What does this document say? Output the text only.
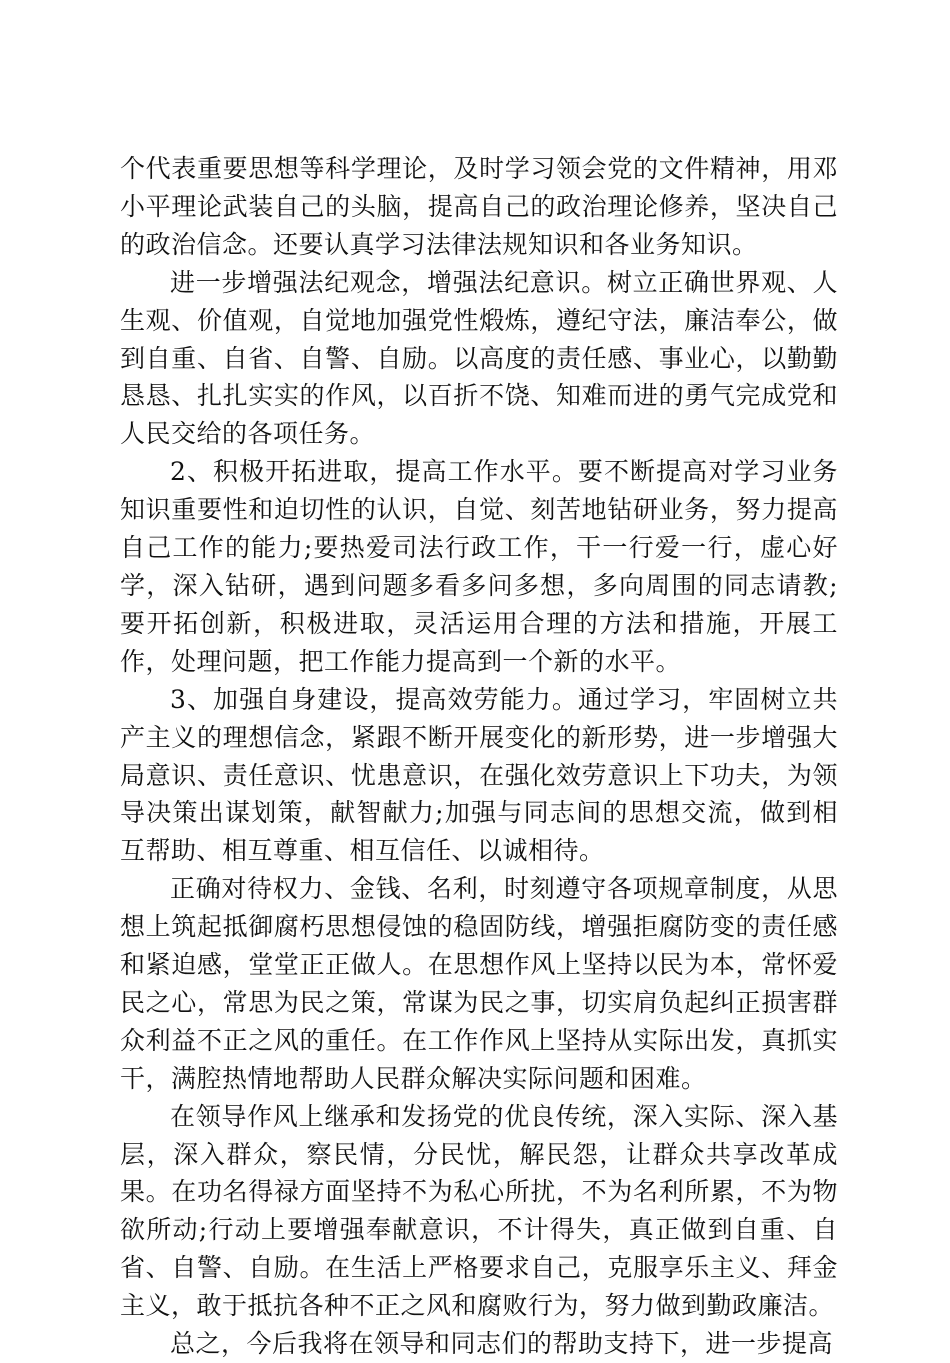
个代表重要思想等科学理论，及时学习领会党的文件精神，用邓小平理论武装自己的头脑，提高自己的政治理论修养，坚决自己的政治信念。还要认真学习法律法规知识和各业务知识。

进一步增强法纪观念，增强法纪意识。树立正确世界观、人生观、价值观，自觉地加强党性煅炼，遵纪守法，廉洁奉公，做到自重、自省、自警、自励。以高度的责任感、事业心，以勤勤恳恳、扎扎实实的作风，以百折不饶、知难而进的勇气完成党和人民交给的各项任务。

2、积极开拓进取，提高工作水平。要不断提高对学习业务知识重要性和迫切性的认识，自觉、刻苦地钻研业务，努力提高自己工作的能力;要热爱司法行政工作，干一行爱一行，虚心好学，深入钻研，遇到问题多看多问多想，多向周围的同志请教;要开拓创新，积极进取，灵活运用合理的方法和措施，开展工作，处理问题，把工作能力提高到一个新的水平。

3、加强自身建设，提高效劳能力。通过学习，牢固树立共产主义的理想信念，紧跟不断开展变化的新形势，进一步增强大局意识、责任意识、忧患意识，在强化效劳意识上下功夫，为领导决策出谋划策，献智献力;加强与同志间的思想交流，做到相互帮助、相互尊重、相互信任、以诚相待。

正确对待权力、金钱、名利，时刻遵守各项规章制度，从思想上筑起抵御腐朽思想侵蚀的稳固防线，增强拒腐防变的责任感和紧迫感，堂堂正正做人。在思想作风上坚持以民为本，常怀爱民之心，常思为民之策，常谋为民之事，切实肩负起纠正损害群众利益不正之风的重任。在工作作风上坚持从实际出发，真抓实干，满腔热情地帮助人民群众解决实际问题和困难。

在领导作风上继承和发扬党的优良传统，深入实际、深入基层，深入群众，察民情，分民忧，解民怨，让群众共享改革成果。在功名得禄方面坚持不为私心所扰，不为名利所累，不为物欲所动;行动上要增强奉献意识，不计得失，真正做到自重、自省、自警、自励。在生活上严格要求自己，克服享乐主义、拜金主义，敢于抵抗各种不正之风和腐败行为，努力做到勤政廉洁。

总之，今后我将在领导和同志们的帮助支持下，进一步提高
